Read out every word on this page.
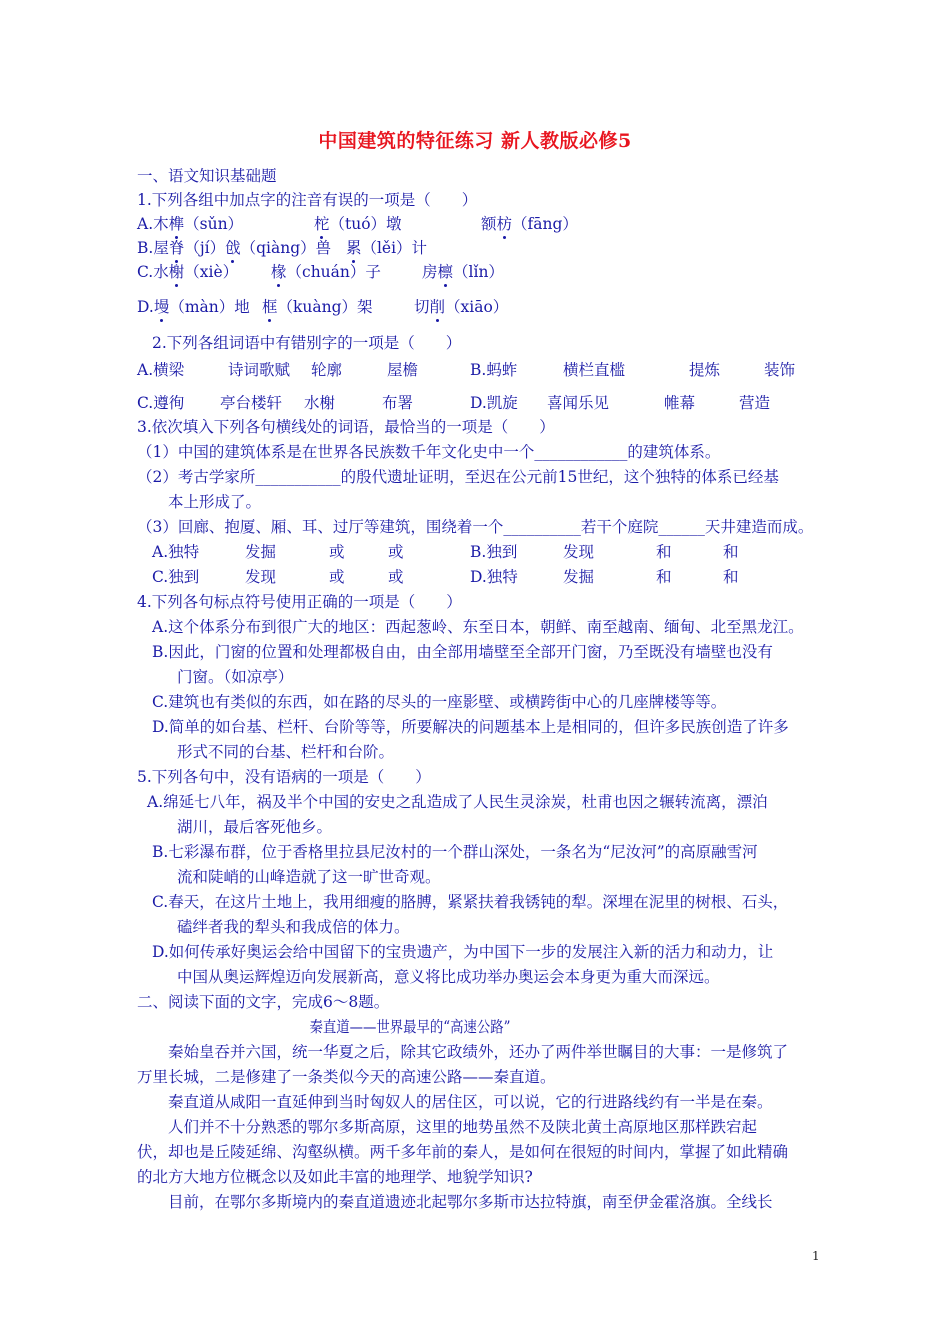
中国建筑的特征练习 新人教版必修5
一、语文知识基础题
1.下列各组中加点字的注音有误的一项是（　　）
A.木榫（sǔn）	柁（tuó）墩	额枋（fāng）
B.屋脊（jí）戗（qiàng）兽 累（lěi）计
C.水榭（xiè） 椽（chuán）子	房檩（lǐn）
D.墁（màn）地 框（kuàng）架	切削（xiāo）
2.下列各组词语中有错别字的一项是（　　）
A.横梁	诗词歌赋 轮廓	屋檐	B.蚂蚱	横栏直槛	提炼	装饰
C.遵徇 亭台楼轩 水榭	布署	D.凯旋 喜闻乐见	帷幕	营造
3.依次填入下列各句横线处的词语，最恰当的一项是（　　）
（1）中国的建筑体系是在世界各民族数千年文化史中一个____________的建筑体系。
（2）考古学家所___________的殷代遗址证明，至迟在公元前15世纪，这个独特的体系已经基
本上形成了。
（3）回廊、抱厦、厢、耳、过厅等建筑，围绕着一个__________若干个庭院______天井建造而成。
A.独特	发掘	或	或	B.独到	发现	和	和
C.独到	发现	或	或	D.独特	发掘	和	和
4.下列各句标点符号使用正确的一项是（　　）
A.这个体系分布到很广大的地区：西起葱岭、东至日本，朝鲜、南至越南、缅甸、北至黑龙江。
B.因此，门窗的位置和处理都极自由，由全部用墙壁至全部开门窗，乃至既没有墙壁也没有
门窗。（如凉亭）
C.建筑也有类似的东西，如在路的尽头的一座影壁、或横跨街中心的几座牌楼等等。
D.简单的如台基、栏杆、台阶等等，所要解决的问题基本上是相同的，但许多民族创造了许多
形式不同的台基、栏杆和台阶。
5.下列各句中，没有语病的一项是（　　）
A.绵延七八年，祸及半个中国的安史之乱造成了人民生灵涂炭，杜甫也因之辗转流离，漂泊
湖川，最后客死他乡。
B.七彩瀑布群，位于香格里拉县尼汝村的一个群山深处，一条名为“尼汝河”的高原融雪河
流和陡峭的山峰造就了这一旷世奇观。
C.春天，在这片土地上，我用细瘦的胳膊，紧紧扶着我锈钝的犁。深埋在泥里的树根、石头，
磕绊者我的犁头和我成倍的体力。
D.如何传承好奥运会给中国留下的宝贵遗产，为中国下一步的发展注入新的活力和动力，让
中国从奥运辉煌迈向发展新高，意义将比成功举办奥运会本身更为重大而深远。
二、阅读下面的文字，完成6～8题。
秦直道——世界最早的“高速公路”
秦始皇吞并六国，统一华夏之后，除其它政绩外，还办了两件举世瞩目的大事：一是修筑了
万里长城，二是修建了一条类似今天的高速公路——秦直道。
秦直道从咸阳一直延伸到当时匈奴人的居住区，可以说，它的行进路线约有一半是在秦。
人们并不十分熟悉的鄂尔多斯高原，这里的地势虽然不及陕北黄土高原地区那样跌宕起
伏，却也是丘陵延绵、沟壑纵横。两千多年前的秦人，是如何在很短的时间内，掌握了如此精确
的北方大地方位概念以及如此丰富的地理学、地貌学知识?
目前，在鄂尔多斯境内的秦直道遗迹北起鄂尔多斯市达拉特旗，南至伊金霍洛旗。全线长
1
